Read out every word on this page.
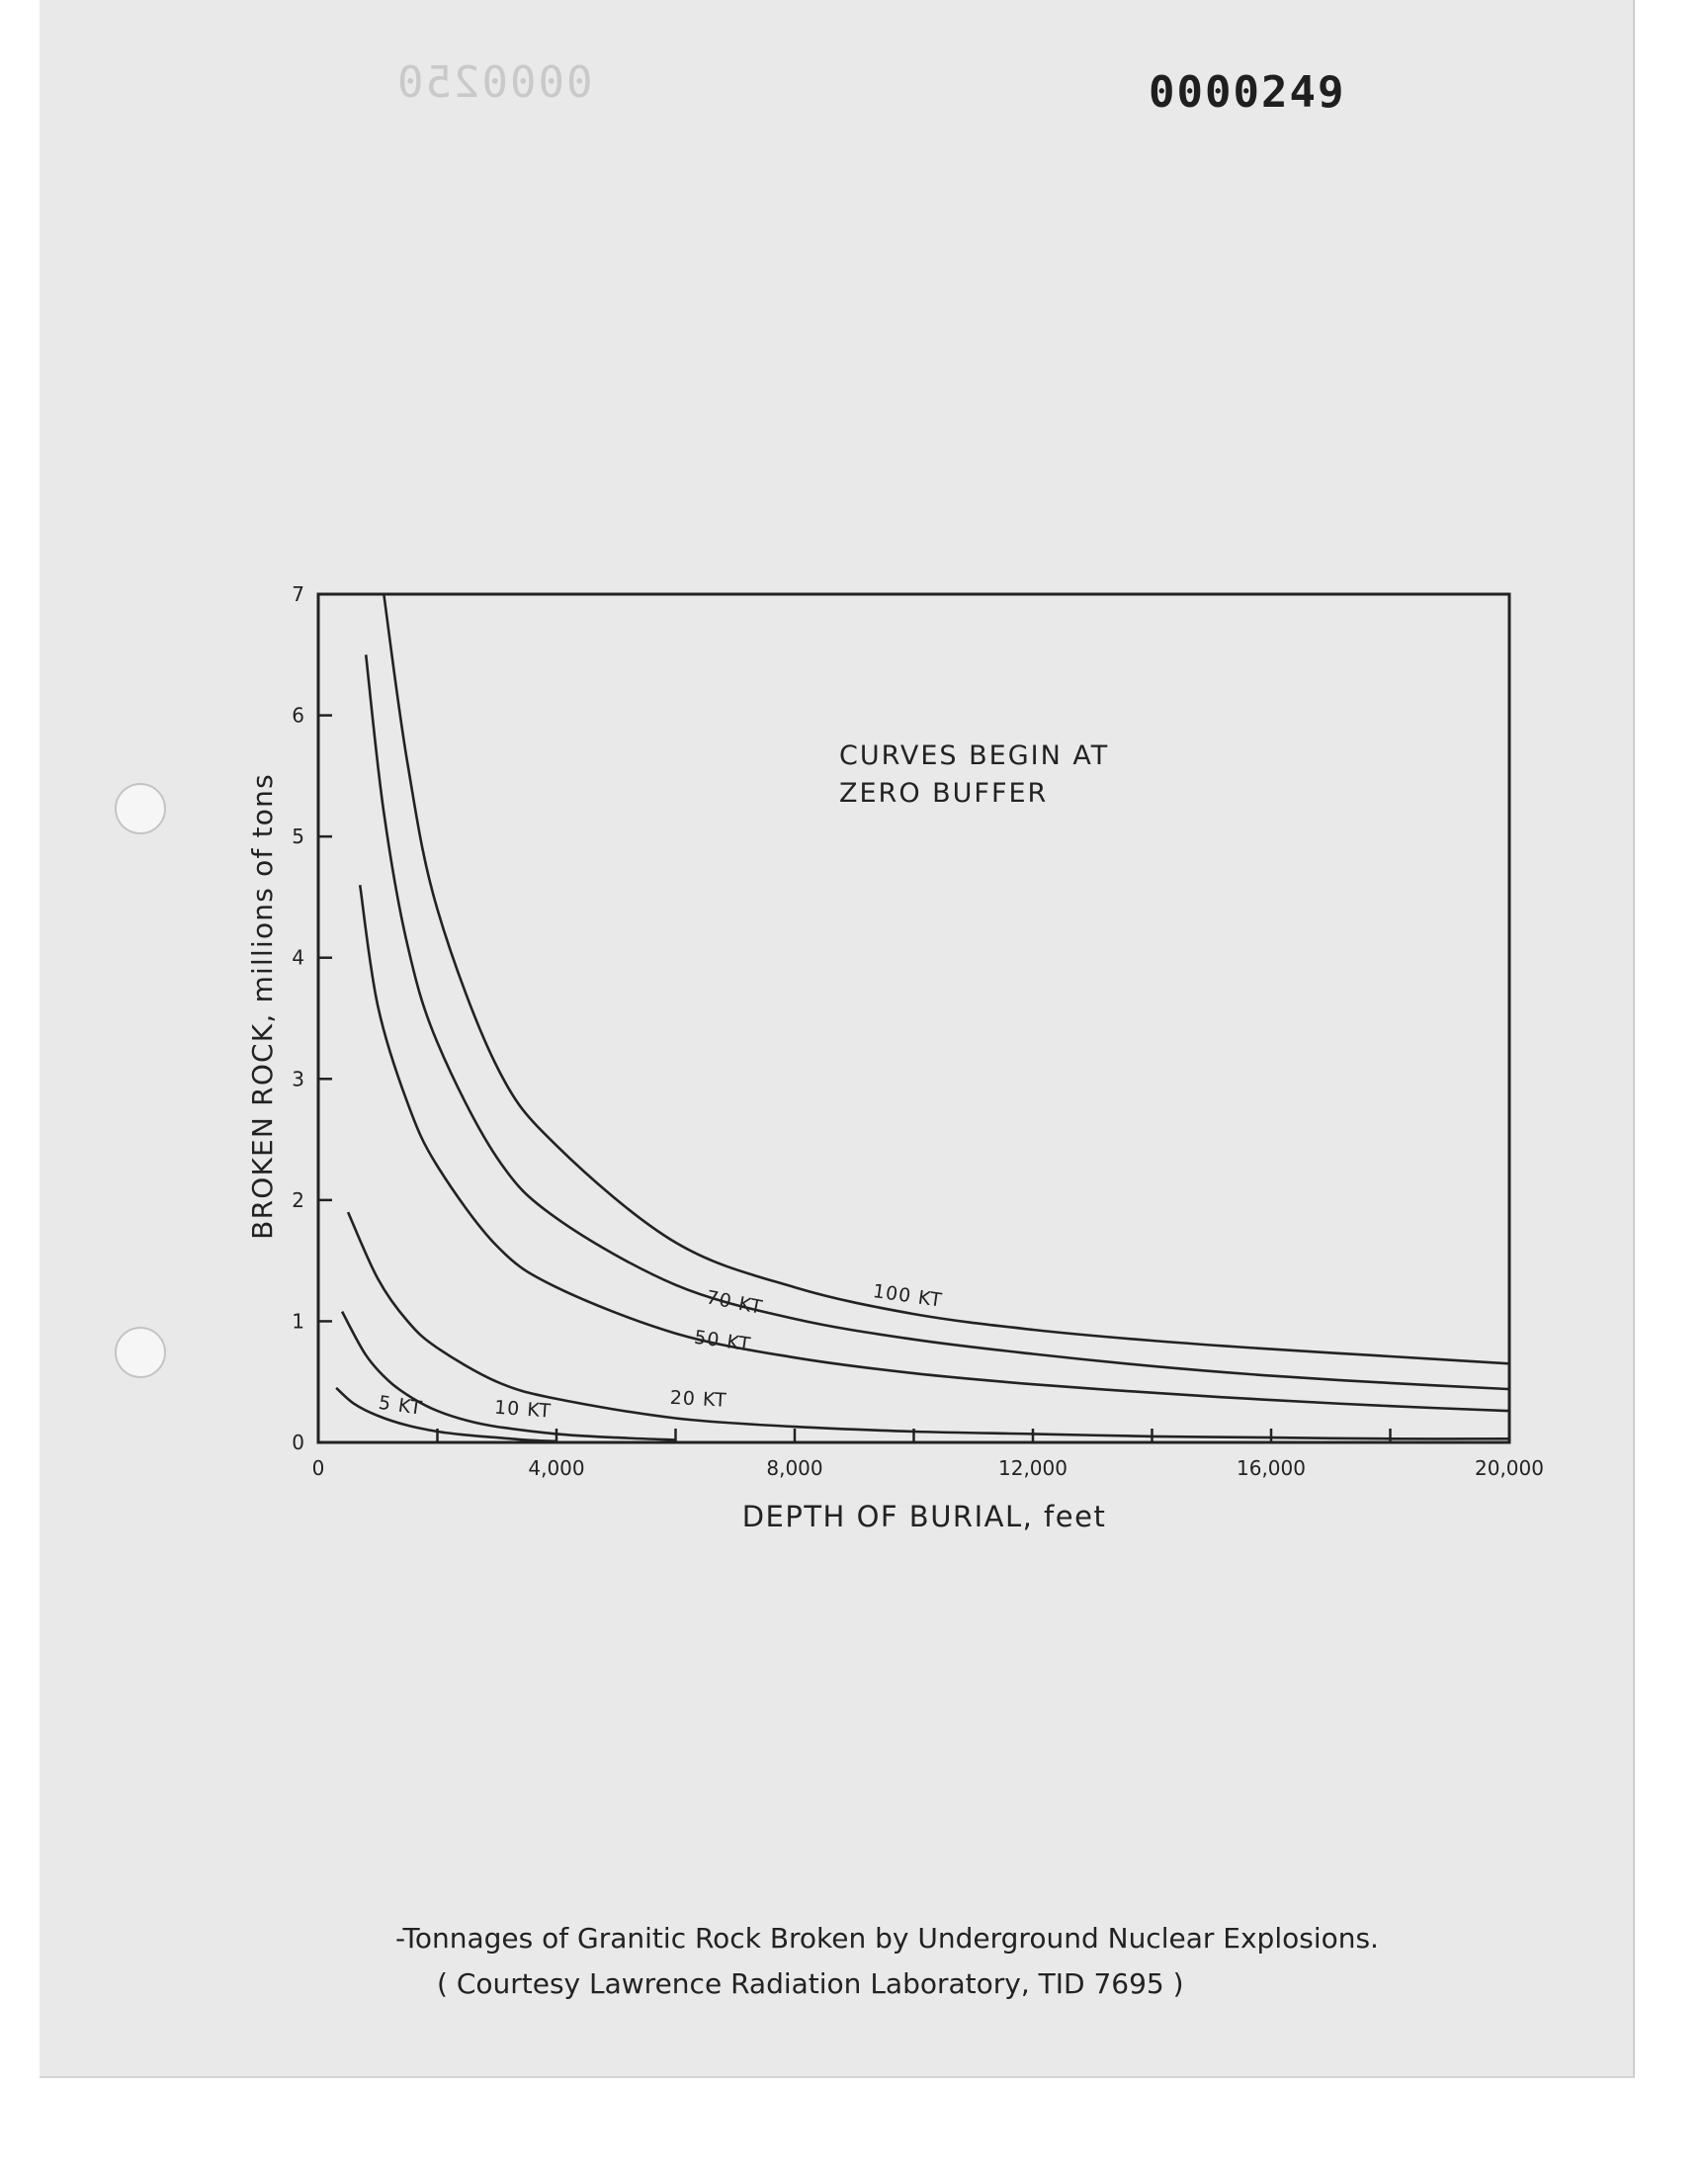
0000250	0000249
0	4,000	8,000	12,000	16,000	20,000
0
1
2
3
4
5
6
7
100 KT
70 KT
50 KT
20 KT
10 KT
5 KT
CURVES BEGIN AT
ZERO BUFFER
DEPTH OF BURIAL, feet
BROKEN ROCK, millions of tons
-Tonnages of Granitic Rock Broken by Underground Nuclear Explosions.
( Courtesy Lawrence Radiation Laboratory, TID 7695 )
